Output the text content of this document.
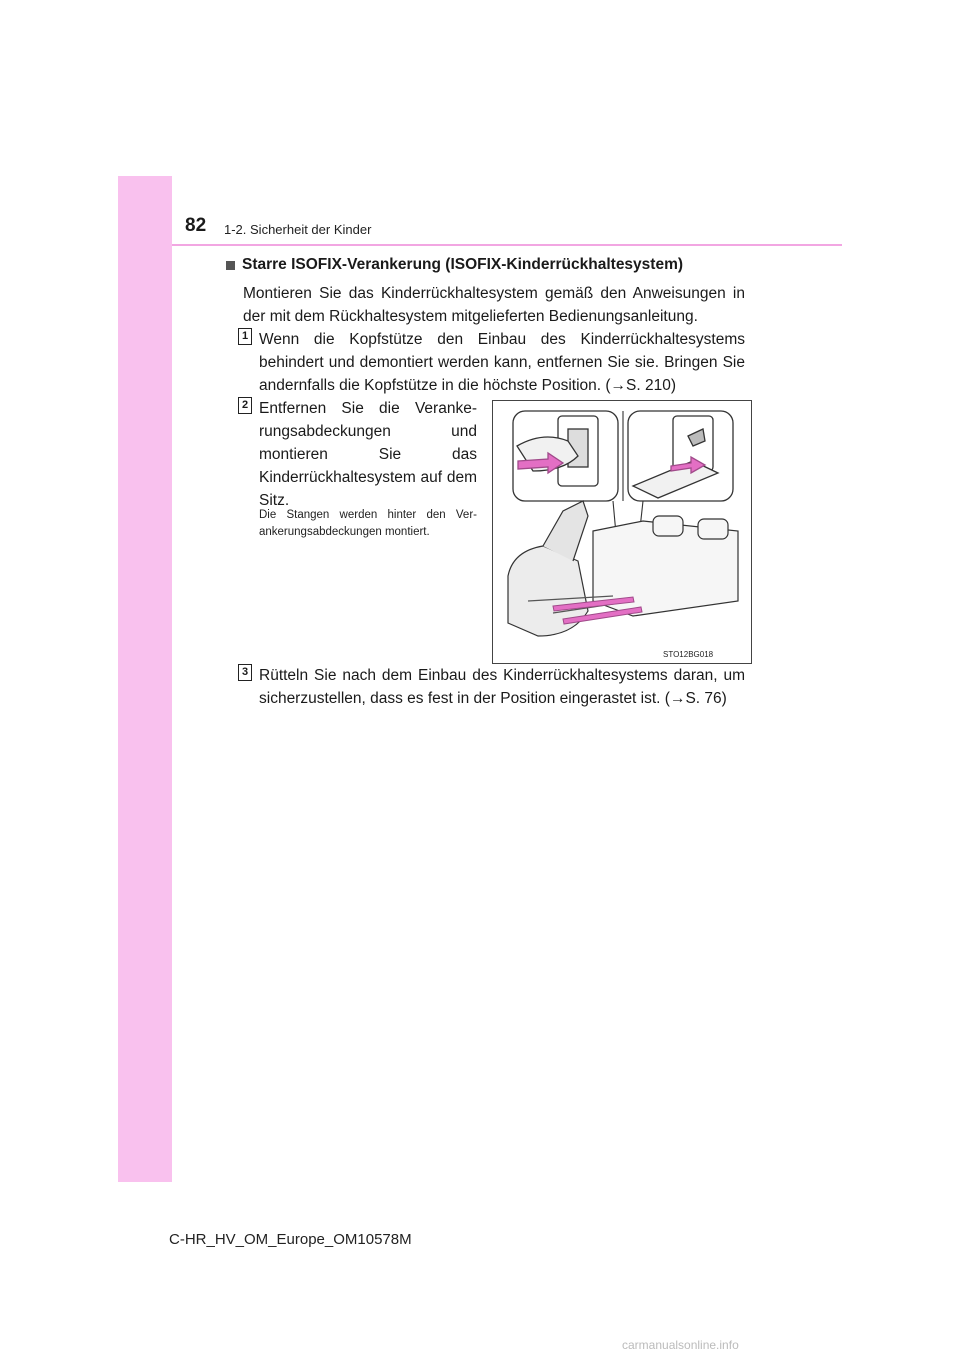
82 1-2. Sicherheit der Kinder
Starre ISOFIX-Verankerung (ISOFIX-Kinderrückhaltesystem)
Montieren Sie das Kinderrückhaltesystem gemäß den Anweisungen in der mit dem Rückhaltesystem mitgelieferten Bedienungsanleitung.
1 Wenn die Kopfstütze den Einbau des Kinderrückhaltesystems behindert und demontiert werden kann, entfernen Sie sie. Bringen Sie andernfalls die Kopfstütze in die höchste Position. (→S. 210)
2 Entfernen Sie die Verankerungsabdeckungen und montieren Sie das Kinderrückhaltesystem auf dem Sitz.
Die Stangen werden hinter den Verankerungsabdeckungen montiert.
STO12BG018
3 Rütteln Sie nach dem Einbau des Kinderrückhaltesystems daran, um sicherzustellen, dass es fest in der Position eingerastet ist. (→S. 76)
C-HR_HV_OM_Europe_OM10578M
carmanualsonline.info
